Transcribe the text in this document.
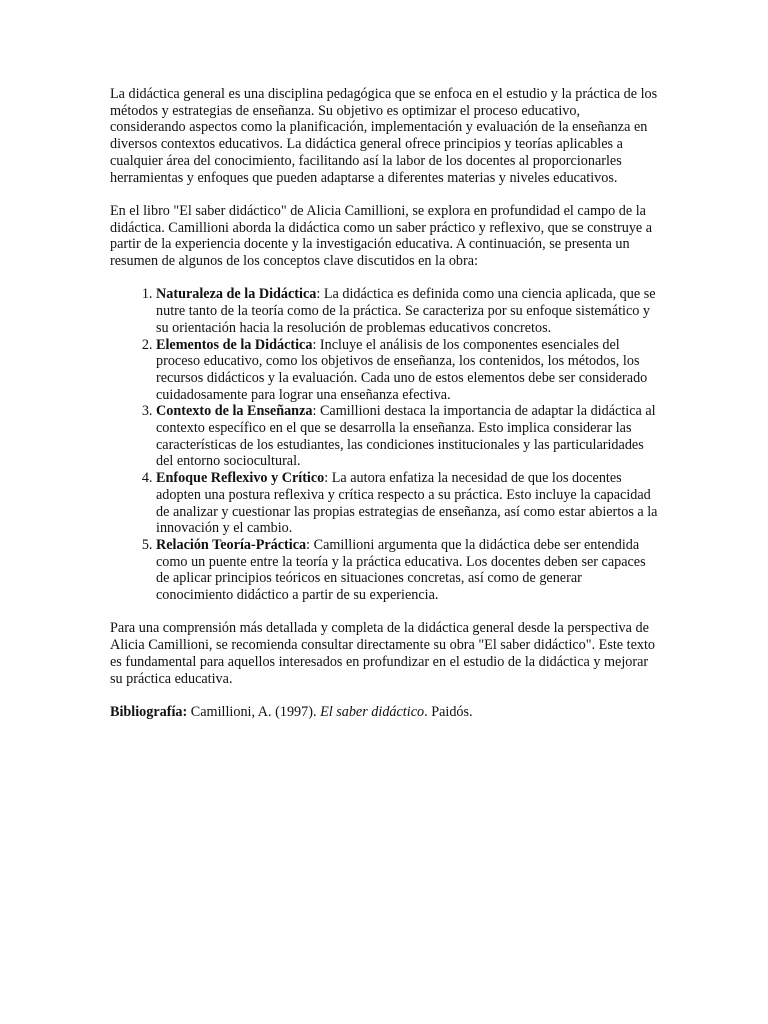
La didáctica general es una disciplina pedagógica que se enfoca en el estudio y la práctica de los métodos y estrategias de enseñanza. Su objetivo es optimizar el proceso educativo, considerando aspectos como la planificación, implementación y evaluación de la enseñanza en diversos contextos educativos. La didáctica general ofrece principios y teorías aplicables a cualquier área del conocimiento, facilitando así la labor de los docentes al proporcionarles herramientas y enfoques que pueden adaptarse a diferentes materias y niveles educativos.

En el libro "El saber didáctico" de Alicia Camillioni, se explora en profundidad el campo de la didáctica. Camillioni aborda la didáctica como un saber práctico y reflexivo, que se construye a partir de la experiencia docente y la investigación educativa. A continuación, se presenta un resumen de algunos de los conceptos clave discutidos en la obra:

1. Naturaleza de la Didáctica: La didáctica es definida como una ciencia aplicada, que se nutre tanto de la teoría como de la práctica. Se caracteriza por su enfoque sistemático y su orientación hacia la resolución de problemas educativos concretos.
2. Elementos de la Didáctica: Incluye el análisis de los componentes esenciales del proceso educativo, como los objetivos de enseñanza, los contenidos, los métodos, los recursos didácticos y la evaluación. Cada uno de estos elementos debe ser considerado cuidadosamente para lograr una enseñanza efectiva.
3. Contexto de la Enseñanza: Camillioni destaca la importancia de adaptar la didáctica al contexto específico en el que se desarrolla la enseñanza. Esto implica considerar las características de los estudiantes, las condiciones institucionales y las particularidades del entorno sociocultural.
4. Enfoque Reflexivo y Crítico: La autora enfatiza la necesidad de que los docentes adopten una postura reflexiva y crítica respecto a su práctica. Esto incluye la capacidad de analizar y cuestionar las propias estrategias de enseñanza, así como estar abiertos a la innovación y el cambio.
5. Relación Teoría-Práctica: Camillioni argumenta que la didáctica debe ser entendida como un puente entre la teoría y la práctica educativa. Los docentes deben ser capaces de aplicar principios teóricos en situaciones concretas, así como de generar conocimiento didáctico a partir de su experiencia.

Para una comprensión más detallada y completa de la didáctica general desde la perspectiva de Alicia Camillioni, se recomienda consultar directamente su obra "El saber didáctico". Este texto es fundamental para aquellos interesados en profundizar en el estudio de la didáctica y mejorar su práctica educativa.

Bibliografía: Camillioni, A. (1997). El saber didáctico. Paidós.
